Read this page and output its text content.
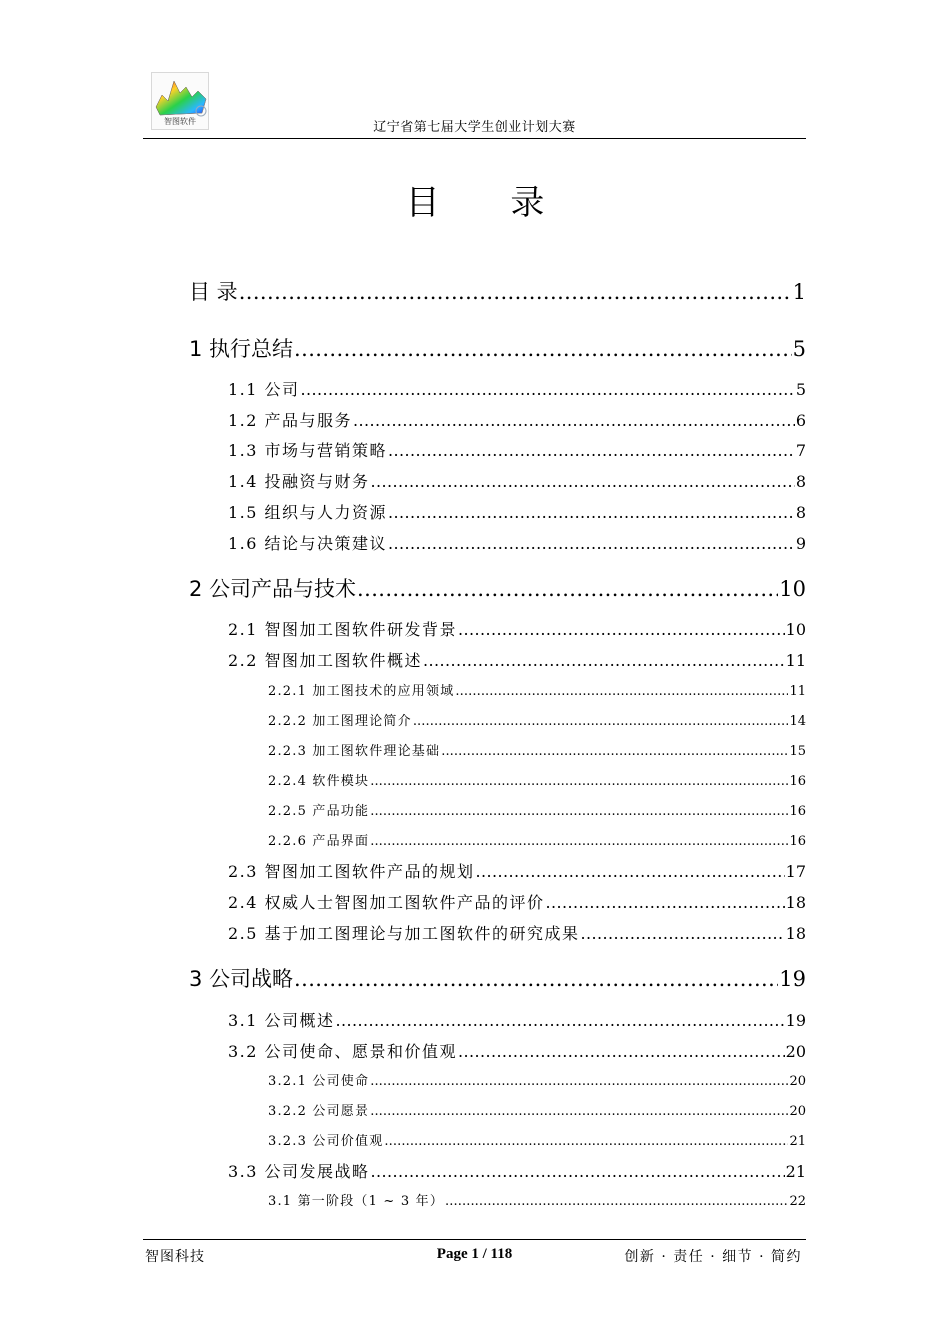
智图软件	辽宁省第七届大学生创业计划大赛
目 录
目 录 .....	1
1 执行总结 .....	5
1.1 公司 .....	5
1.2 产品与服务 .....	6
1.3 市场与营销策略 .....	7
1.4 投融资与财务 .....	8
1.5 组织与人力资源 .....	8
1.6 结论与决策建议 .....	9
2 公司产品与技术 .....	10
2.1 智图加工图软件研发背景 .....	10
2.2 智图加工图软件概述 .....	11
2.2.1 加工图技术的应用领域 .....	11
2.2.2 加工图理论简介 .....	14
2.2.3 加工图软件理论基础 .....	15
2.2.4 软件模块 .....	16
2.2.5 产品功能 .....	16
2.2.6 产品界面 .....	16
2.3 智图加工图软件产品的规划 .....	17
2.4 权威人士智图加工图软件产品的评价 .....	18
2.5 基于加工图理论与加工图软件的研究成果 .....	18
3 公司战略 .....	19
3.1 公司概述 .....	19
3.2 公司使命、愿景和价值观 .....	20
3.2.1 公司使命 .....	20
3.2.2 公司愿景 .....	20
3.2.3 公司价值观 .....	21
3.3 公司发展战略 .....	21
3.1 第一阶段（1 ~ 3 年） .....	22
智图科技	Page 1 / 118	创新 · 责任 · 细节 · 简约
